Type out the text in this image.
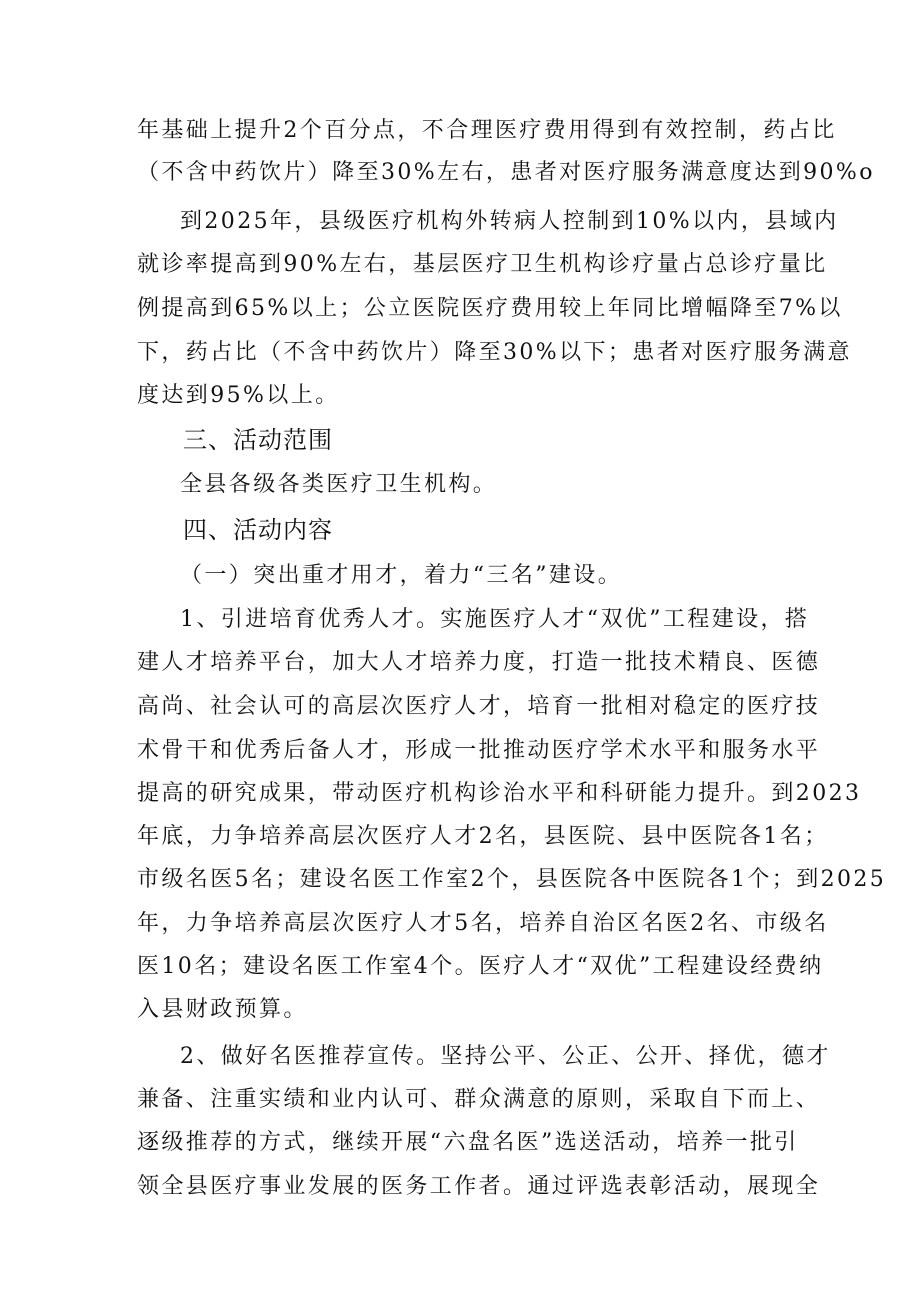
年基础上提升2个百分点，不合理医疗费用得到有效控制，药占比
（不含中药饮片）降至30%左右，患者对医疗服务满意度达到90%o
到2025年，县级医疗机构外转病人控制到10%以内，县域内
就诊率提高到90%左右，基层医疗卫生机构诊疗量占总诊疗量比
例提高到65%以上；公立医院医疗费用较上年同比增幅降至7%以
下，药占比（不含中药饮片）降至30%以下；患者对医疗服务满意
度达到95%以上。
三、活动范围
全县各级各类医疗卫生机构。
四、活动内容
（一）突出重才用才，着力“三名”建设。
1、引进培育优秀人才。实施医疗人才“双优”工程建设，搭
建人才培养平台，加大人才培养力度，打造一批技术精良、医德
高尚、社会认可的高层次医疗人才，培育一批相对稳定的医疗技
术骨干和优秀后备人才，形成一批推动医疗学术水平和服务水平
提高的研究成果，带动医疗机构诊治水平和科研能力提升。到2023
年底，力争培养高层次医疗人才2名，县医院、县中医院各1名；
市级名医5名；建设名医工作室2个，县医院各中医院各1个；到2025
年，力争培养高层次医疗人才5名，培养自治区名医2名、市级名
医10名；建设名医工作室4个。医疗人才“双优”工程建设经费纳
入县财政预算。
2、做好名医推荐宣传。坚持公平、公正、公开、择优，德才
兼备、注重实绩和业内认可、群众满意的原则，采取自下而上、
逐级推荐的方式，继续开展“六盘名医”选送活动，培养一批引
领全县医疗事业发展的医务工作者。通过评选表彰活动，展现全
